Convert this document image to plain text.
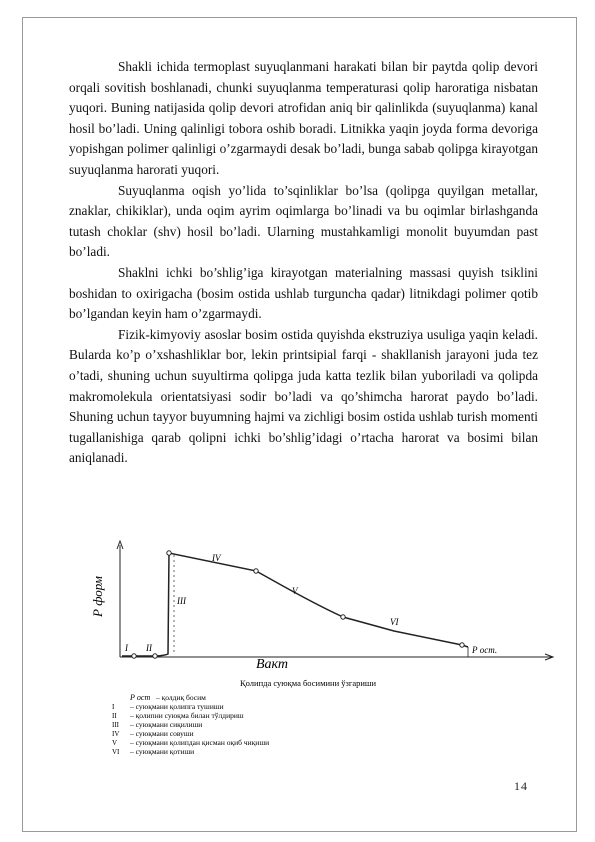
Shakli ichida termoplast suyuqlanmani harakati bilan bir paytda qolip devori orqali sovitish boshlanadi, chunki suyuqlanma temperaturasi qolip haroratiga nisbatan yuqori. Buning natijasida qolip devori atrofidan aniq bir qalinlikda (suyuqlanma) kanal hosil bo’ladi. Uning qalinligi tobora oshib boradi. Litnikka yaqin joyda forma devoriga yopishgan polimer qalinligi o’zgarmaydi desak bo’ladi, bunga sabab qolipga kirayotgan suyuqlanma harorati yuqori.

Suyuqlanma oqish yo’lida to’sqinliklar bo’lsa (qolipga quyilgan metallar, znaklar, chikiklar), unda oqim ayrim oqimlarga bo’linadi va bu oqimlar birlashganda tutash choklar (shv) hosil bo’ladi. Ularning mustahkamligi monolit buyumdan past bo’ladi.

Shaklni ichki bo’shlig’iga kirayotgan materialning massasi quyish tsiklini boshidan to oxirigacha (bosim ostida ushlab turguncha qadar) litnikdagi polimer qotib bo’lgandan keyin ham o’zgarmaydi.

Fizik-kimyoviy asoslar bosim ostida quyishda ekstruziya usuliga yaqin keladi. Bularda ko’p o’xshashliklar bor, lekin printsipial farqi - shakllanish jarayoni juda tez o’tadi, shuning uchun suyultirma qolipga juda katta tezlik bilan yuboriladi va qolipda makromolekula orientatsiyasi sodir bo’ladi va qo’shimcha harorat paydo bo’ladi. Shuning uchun tayyor buyumning hajmi va zichligi bosim ostida ushlab turish momenti tugallanishiga qarab qolipni ichki bo’shlig’idagi o’rtacha harorat va bosimi bilan aniqlanadi.

Р форм
Вакт
Р ост.
I II
III
IV
V
VI
Қолипда суюқма босимини ўзгариши
Р ост – қолдиқ босим
I – суюқмани қолипга тушиши
II – қолипни суюқма билан тўлдириш
III – суюқмани сиқилиши
IV – суюқмани совуши
V – суюқмани қолипдан қисман оқиб чиқиши
VI – суюқмани қотиши
14
